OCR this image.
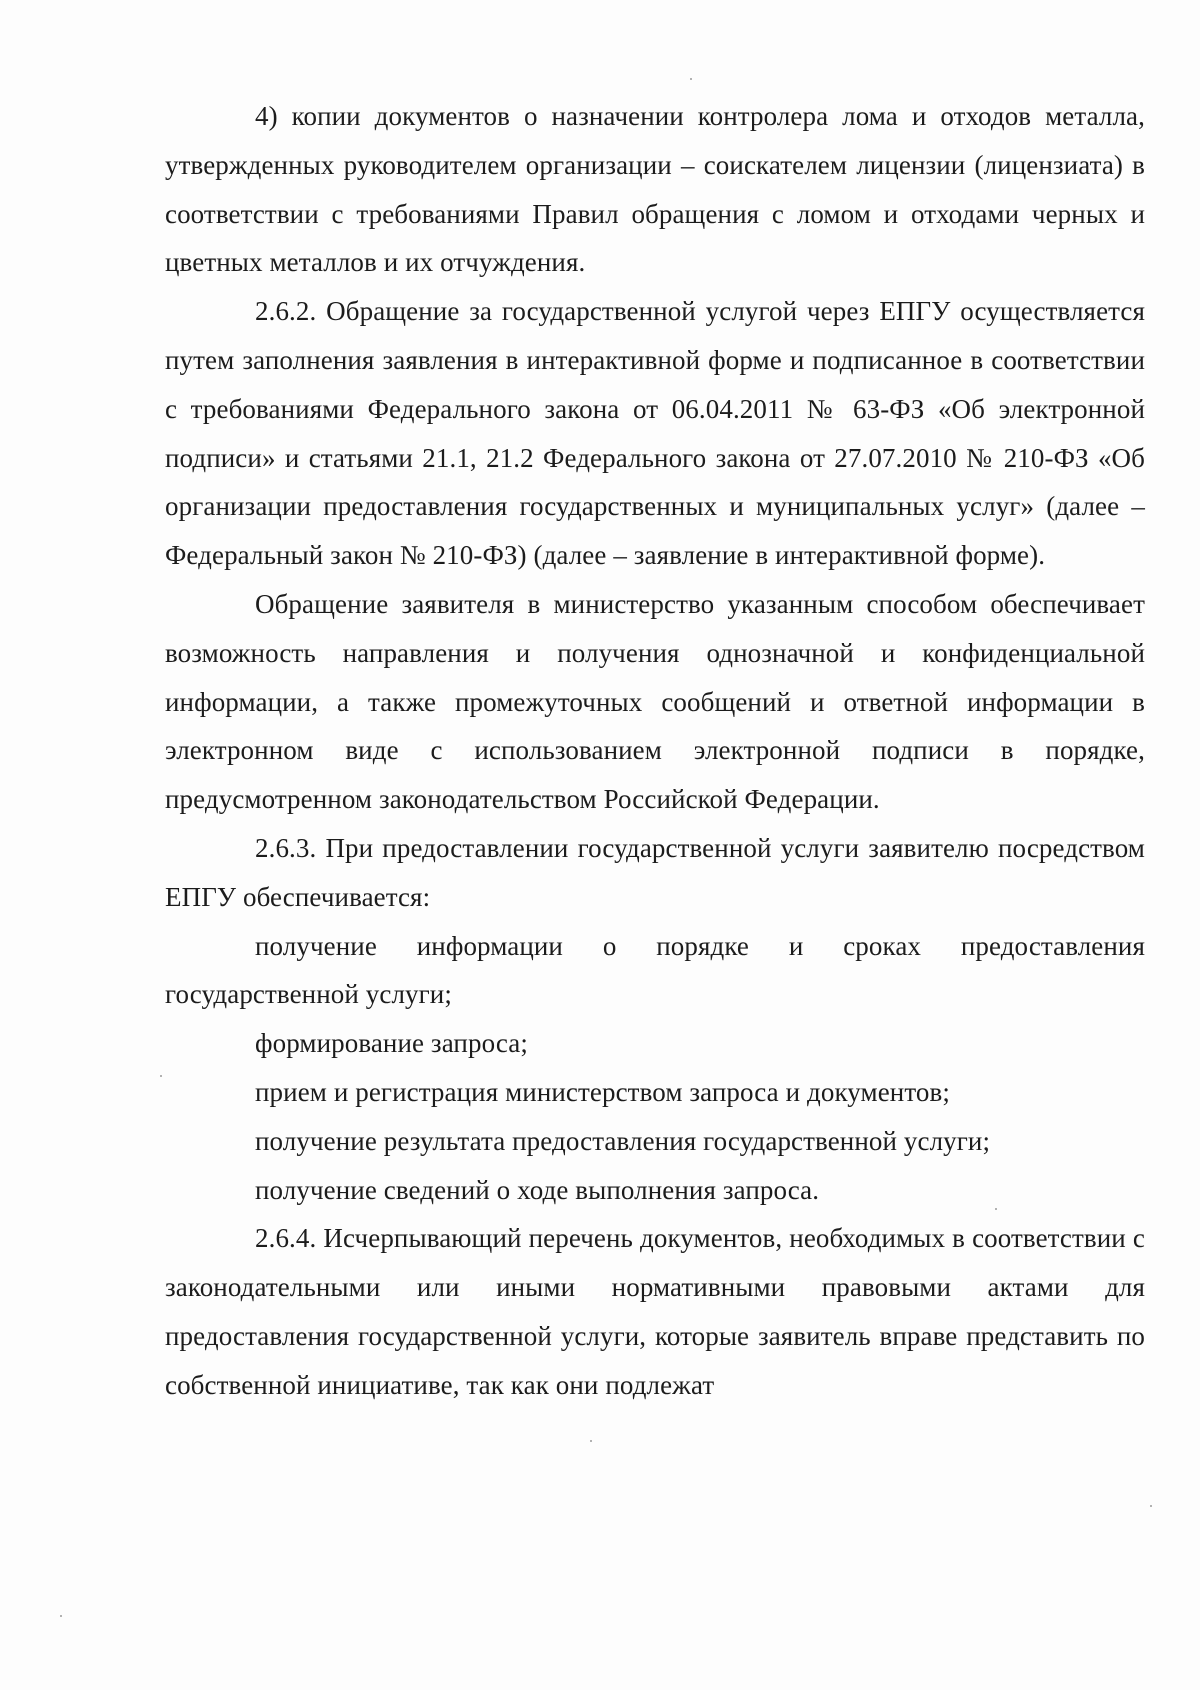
4) копии документов о назначении контролера лома и отходов металла, утвержденных руководителем организации – соискателем лицензии (лицензиата) в соответствии с требованиями Правил обращения с ломом и отходами черных и цветных металлов и их отчуждения.

2.6.2. Обращение за государственной услугой через ЕПГУ осуществляется путем заполнения заявления в интерактивной форме и подписанное в соответствии с требованиями Федерального закона от 06.04.2011 № 63-ФЗ «Об электронной подписи» и статьями 21.1, 21.2 Федерального закона от 27.07.2010 № 210-ФЗ «Об организации предоставления государственных и муниципальных услуг» (далее – Федеральный закон № 210-ФЗ) (далее – заявление в интерактивной форме).

Обращение заявителя в министерство указанным способом обеспечивает возможность направления и получения однозначной и конфиденциальной информации, а также промежуточных сообщений и ответной информации в электронном виде с использованием электронной подписи в порядке, предусмотренном законодательством Российской Федерации.

2.6.3. При предоставлении государственной услуги заявителю посредством ЕПГУ обеспечивается:

получение информации о порядке и сроках предоставления государственной услуги;

формирование запроса;

прием и регистрация министерством запроса и документов;

получение результата предоставления государственной услуги;

получение сведений о ходе выполнения запроса.

2.6.4. Исчерпывающий перечень документов, необходимых в соответствии с законодательными или иными нормативными правовыми актами для предоставления государственной услуги, которые заявитель вправе представить по собственной инициативе, так как они подлежат
